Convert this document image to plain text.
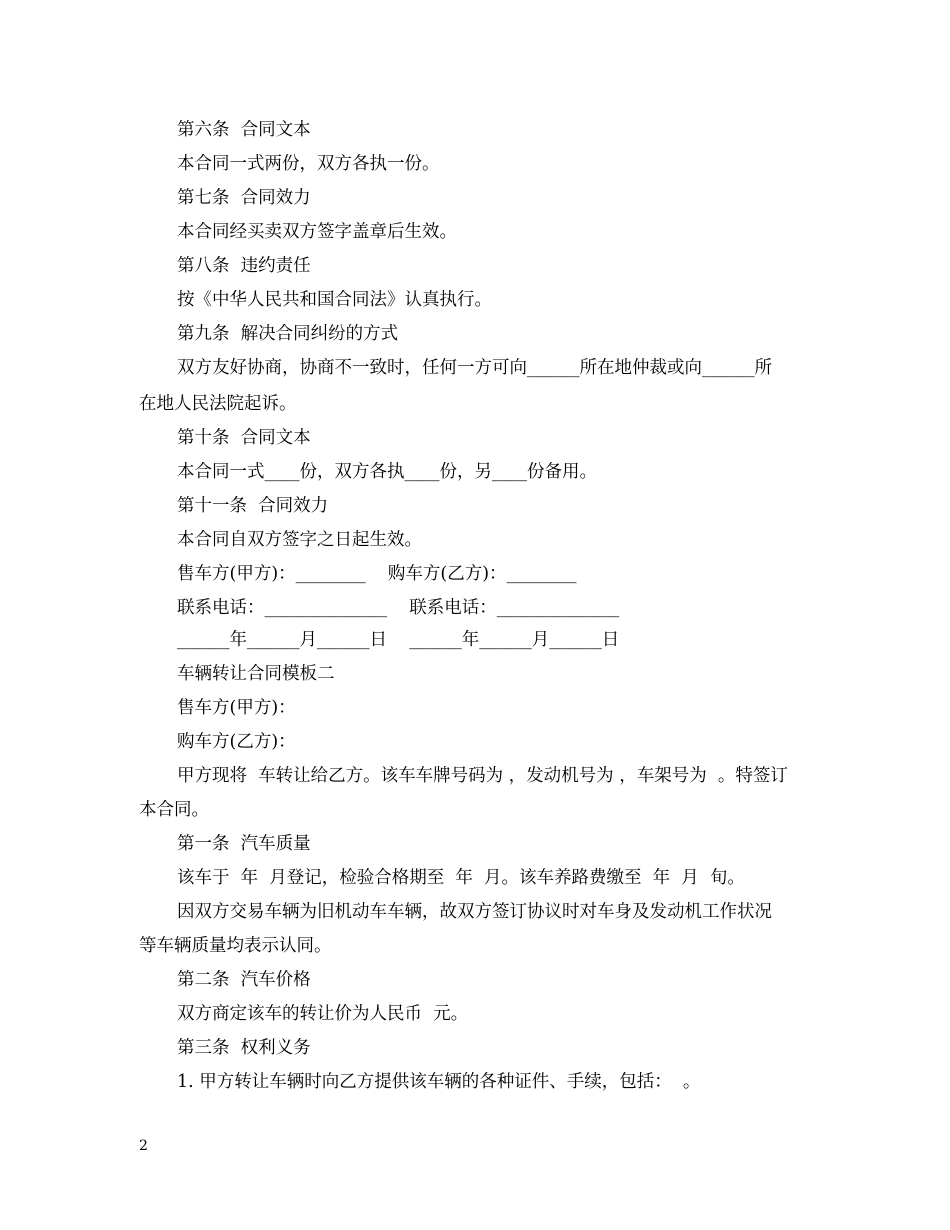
第六条  合同文本
本合同一式两份，双方各执一份。
第七条  合同效力
本合同经买卖双方签字盖章后生效。
第八条  违约责任
按《中华人民共和国合同法》认真执行。
第九条  解决合同纠纷的方式
双方友好协商，协商不一致时，任何一方可向______所在地仲裁或向______所
在地人民法院起诉。
第十条  合同文本
本合同一式____份，双方各执____份，另____份备用。
第十一条  合同效力
本合同自双方签字之日起生效。
售车方(甲方)：________    购车方(乙方)：________
联系电话：______________    联系电话：______________
______年______月______日    ______年______月______日
车辆转让合同模板二
售车方(甲方)：
购车方(乙方)：
甲方现将  车转让给乙方。该车车牌号码为 ，发动机号为 ，车架号为  。特签订
本合同。
第一条  汽车质量
该车于  年  月登记，检验合格期至  年  月。该车养路费缴至  年  月  旬。
因双方交易车辆为旧机动车车辆，故双方签订协议时对车身及发动机工作状况
等车辆质量均表示认同。
第二条  汽车价格
双方商定该车的转让价为人民币  元。
第三条  权利义务
1. 甲方转让车辆时向乙方提供该车辆的各种证件、手续，包括：  。
2
